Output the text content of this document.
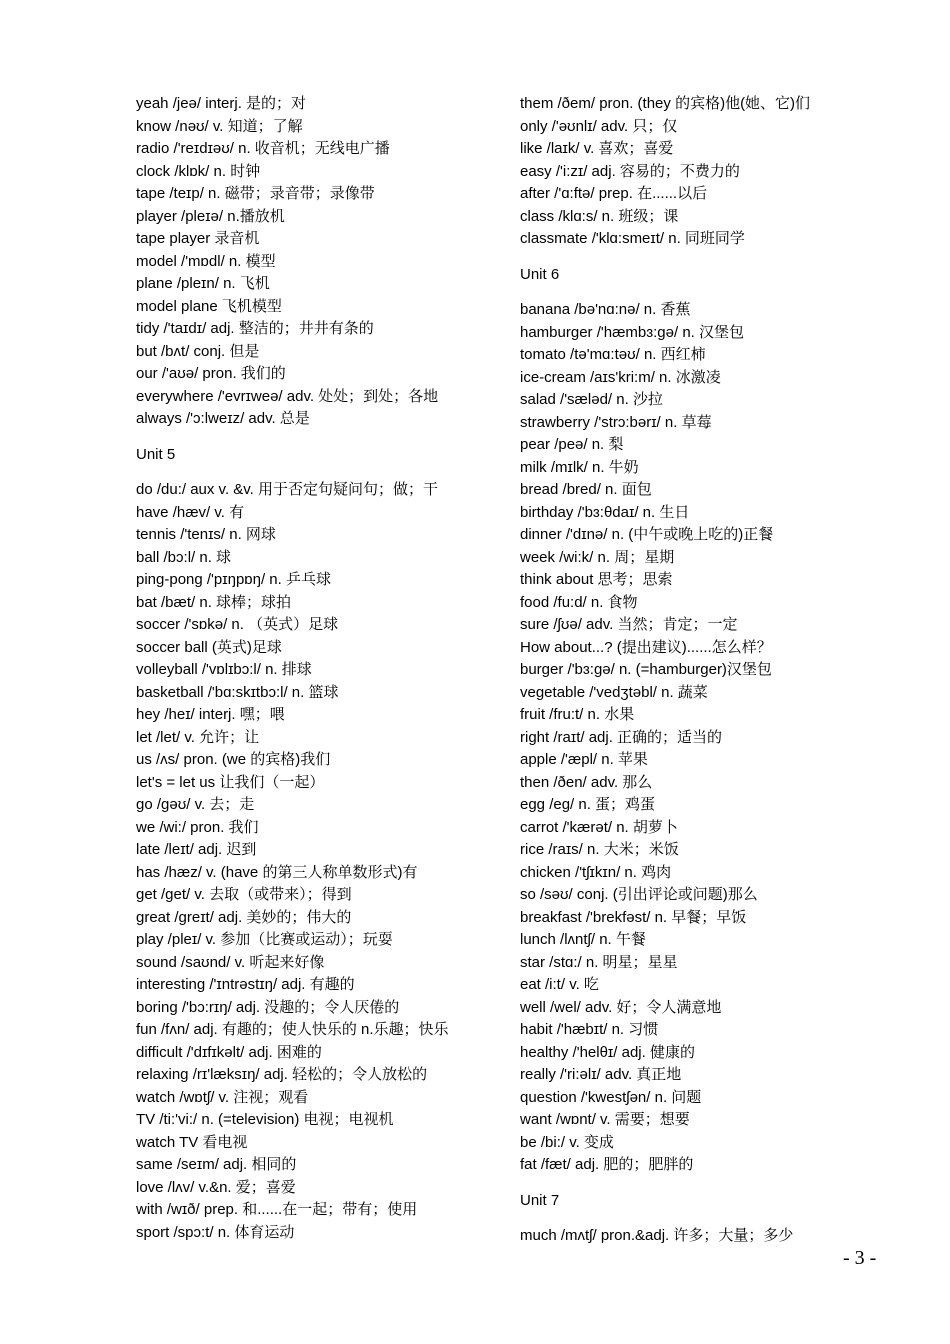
yeah /jeə/ interj. 是的；对
know /nəʊ/ v. 知道；了解
radio /'reɪdɪəʊ/ n. 收音机；无线电广播
clock /klɒk/ n. 时钟
tape /teɪp/ n. 磁带；录音带；录像带
player /pleɪə/ n.播放机
tape player 录音机
model /'mɒdl/ n. 模型
plane /pleɪn/ n. 飞机
model plane 飞机模型
tidy /'taɪdɪ/ adj. 整洁的；井井有条的
but /bʌt/ conj. 但是
our /'aʊə/ pron. 我们的
everywhere /'evrɪweə/ adv. 处处；到处；各地
always /'ɔ:lweɪz/ adv. 总是
Unit 5
do /du:/ aux v. &v. 用于否定句疑问句；做；干
have /hæv/ v. 有
tennis /'tenɪs/ n. 网球
ball /bɔ:l/ n. 球
ping-pong /'pɪŋpɒŋ/ n. 乒乓球
bat /bæt/ n. 球棒；球拍
soccer /'sɒkə/ n. （英式）足球
soccer ball (英式)足球
volleyball /'vɒlɪbɔ:l/ n. 排球
basketball /'bɑ:skɪtbɔ:l/ n. 篮球
hey /heɪ/ interj. 嘿；喂
let /let/ v. 允许；让
us /ʌs/ pron. (we 的宾格)我们
let's = let us 让我们（一起）
go /gəʊ/ v. 去；走
we /wi:/ pron. 我们
late /leɪt/ adj. 迟到
has /hæz/ v. (have 的第三人称单数形式)有
get /get/ v. 去取（或带来）；得到
great /greɪt/ adj. 美妙的；伟大的
play /pleɪ/ v. 参加（比赛或运动）；玩耍
sound /saʊnd/ v. 听起来好像
interesting /'ɪntrəstɪŋ/ adj. 有趣的
boring /'bɔ:rɪŋ/ adj. 没趣的；令人厌倦的
fun /fʌn/ adj. 有趣的；使人快乐的 n.乐趣；快乐
difficult /'dɪfɪkəlt/ adj. 困难的
relaxing /rɪ'læksɪŋ/ adj. 轻松的；令人放松的
watch /wɒtʃ/ v. 注视；观看
TV /ti:'vi:/ n. (=television) 电视；电视机
watch TV 看电视
same /seɪm/ adj. 相同的
love /lʌv/ v.&n. 爱；喜爱
with /wɪð/ prep. 和......在一起；带有；使用
sport /spɔ:t/ n. 体育运动
them /ðem/ pron. (they 的宾格)他(她、它)们
only /'əʊnlɪ/ adv. 只；仅
like /laɪk/ v. 喜欢；喜爱
easy /'i:zɪ/ adj. 容易的；不费力的
after /'ɑ:ftə/ prep. 在......以后
class /klɑ:s/ n. 班级；课
classmate /'klɑ:smeɪt/ n. 同班同学
Unit 6
banana /bə'nɑ:nə/ n. 香蕉
hamburger /'hæmbɜ:gə/ n. 汉堡包
tomato /tə'mɑ:təʊ/ n. 西红柿
ice-cream /aɪs'kri:m/ n. 冰激凌
salad /'sæləd/ n. 沙拉
strawberry /'strɔ:bərɪ/ n. 草莓
pear /peə/ n. 梨
milk /mɪlk/ n. 牛奶
bread /bred/ n. 面包
birthday /'bɜ:θdaɪ/ n. 生日
dinner /'dɪnə/ n. (中午或晚上吃的)正餐
week /wi:k/ n. 周；星期
think about 思考；思索
food /fu:d/ n. 食物
sure /ʃʊə/ adv. 当然；肯定；一定
How about...? (提出建议)......怎么样？
burger /'bɜ:gə/ n. (=hamburger)汉堡包
vegetable /'vedʒtəbl/ n. 蔬菜
fruit /fru:t/ n. 水果
right /raɪt/ adj. 正确的；适当的
apple /'æpl/ n. 苹果
then /ðen/ adv. 那么
egg /eg/ n. 蛋；鸡蛋
carrot /'kærət/ n. 胡萝卜
rice /raɪs/ n. 大米；米饭
chicken /'tʃɪkɪn/ n. 鸡肉
so /səʊ/ conj. (引出评论或问题)那么
breakfast /'brekfəst/ n. 早餐；早饭
lunch /lʌntʃ/ n. 午餐
star /stɑ:/ n. 明星；星星
eat /i:t/ v. 吃
well /wel/ adv. 好；令人满意地
habit /'hæbɪt/ n. 习惯
healthy /'helθɪ/ adj. 健康的
really /'ri:əlɪ/ adv. 真正地
question /'kwestʃən/ n. 问题
want /wɒnt/ v. 需要；想要
be /bi:/ v. 变成
fat /fæt/ adj. 肥的；肥胖的
Unit 7
much /mʌtʃ/ pron.&adj. 许多；大量；多少
- 3 -
